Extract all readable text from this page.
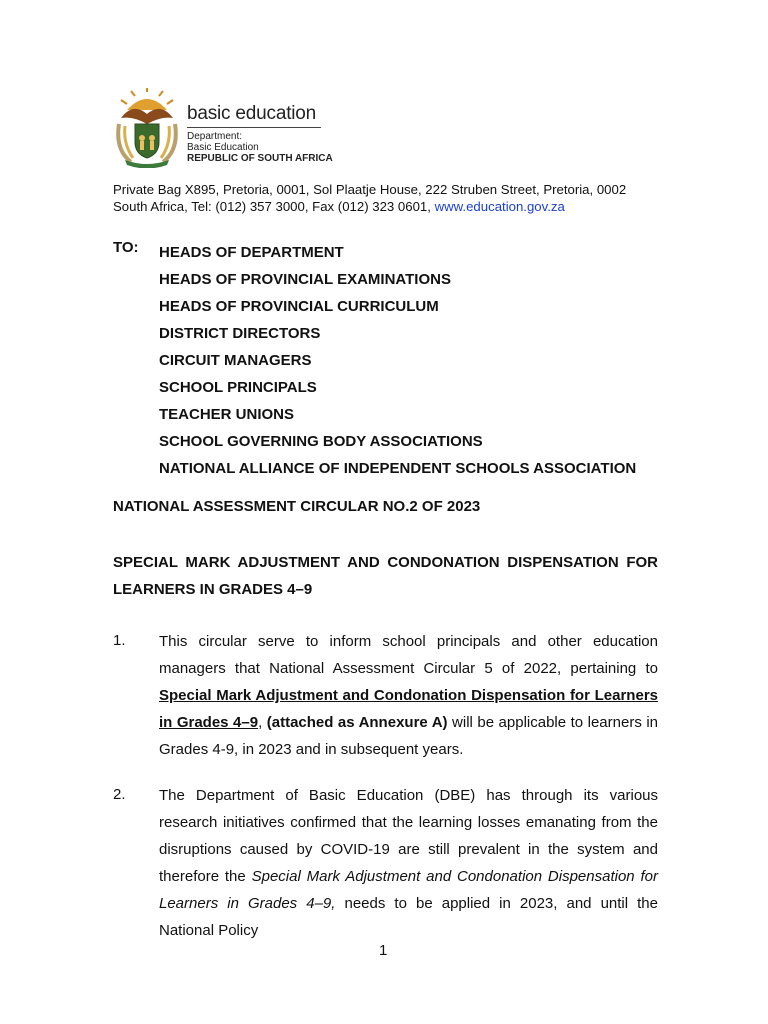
basic education
Department:
Basic Education
REPUBLIC OF SOUTH AFRICA
Private Bag X895, Pretoria, 0001, Sol Plaatje House, 222 Struben Street, Pretoria, 0002 South Africa, Tel: (012) 357 3000, Fax (012) 323 0601, www.education.gov.za
TO: HEADS OF DEPARTMENT
HEADS OF PROVINCIAL EXAMINATIONS
HEADS OF PROVINCIAL CURRICULUM
DISTRICT DIRECTORS
CIRCUIT MANAGERS
SCHOOL PRINCIPALS
TEACHER UNIONS
SCHOOL GOVERNING BODY ASSOCIATIONS
NATIONAL ALLIANCE OF INDEPENDENT SCHOOLS ASSOCIATION
NATIONAL ASSESSMENT CIRCULAR NO.2 OF 2023
SPECIAL MARK ADJUSTMENT AND CONDONATION DISPENSATION FOR LEARNERS IN GRADES 4–9
1. This circular serve to inform school principals and other education managers that National Assessment Circular 5 of 2022, pertaining to Special Mark Adjustment and Condonation Dispensation for Learners in Grades 4–9, (attached as Annexure A) will be applicable to learners in Grades 4-9, in 2023 and in subsequent years.
2. The Department of Basic Education (DBE) has through its various research initiatives confirmed that the learning losses emanating from the disruptions caused by COVID-19 are still prevalent in the system and therefore the Special Mark Adjustment and Condonation Dispensation for Learners in Grades 4–9, needs to be applied in 2023, and until the National Policy
1
